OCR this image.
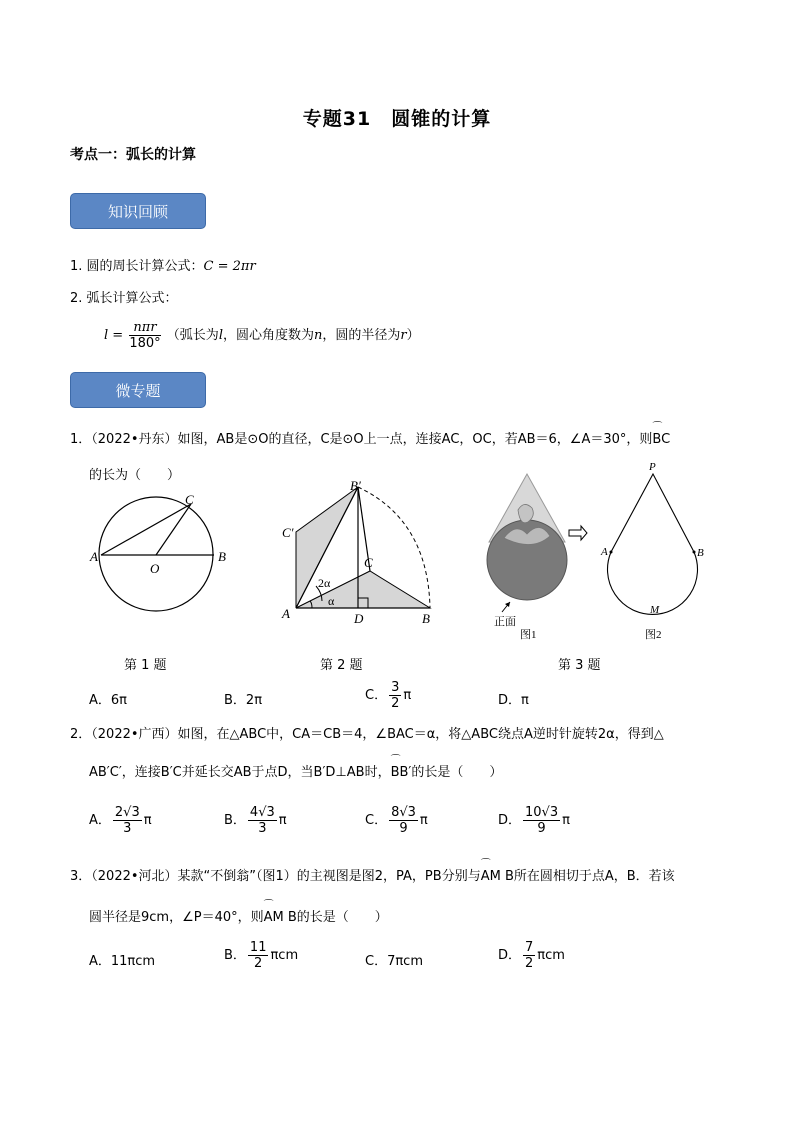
专题31　圆锥的计算
考点一：弧长的计算
知识回顾
1. 圆的周长计算公式：C = 2πr
2. 弧长计算公式：
$l = \frac{\text{nπr}}{180^\circ}$ （弧长为l，圆心角度数为n，圆的半径为r）
微专题
1．（2022•丹东）如图，AB是⊙O的直径，C是⊙O上一点，连接AC，OC，若AB＝6，∠A＝30°，则⌒ BC
的长为（　　）
A	B
C
O
A	B
C
D
B′
C′
2α
α
正面
图1
P
A	B
M
图2
第 1 题	第 2 题	第 3 题
A．6π	B．2π	C． $\frac{3}{2}$ π	D．π
2．（2022•广西）如图，在△ABC中，CA＝CB＝4，∠BAC＝α，将△ABC绕点A逆时针旋转2α，得到△
AB′C′，连接B′C并延长交AB于点D，当B′D⊥AB时，⌒ BB′的长是（　　）
A． $\frac{2√3}{3}$ π	B． $\frac{4√3}{3}$ π	C． $\frac{8√3}{9}$ π	D． $\frac{10√3}{9}$ π
3．（2022•河北）某款“不倒翁”（图1）的主视图是图2，PA，PB分别与⌒ AM B所在圆相切于点A，B．若该
圆半径是9cm，∠P＝40°，则⌒ AM B的长是（　　）
A．11πcm	B． $\frac{11}{2}$ πcm	C．7πcm	D． $\frac{7}{2}$ πcm
